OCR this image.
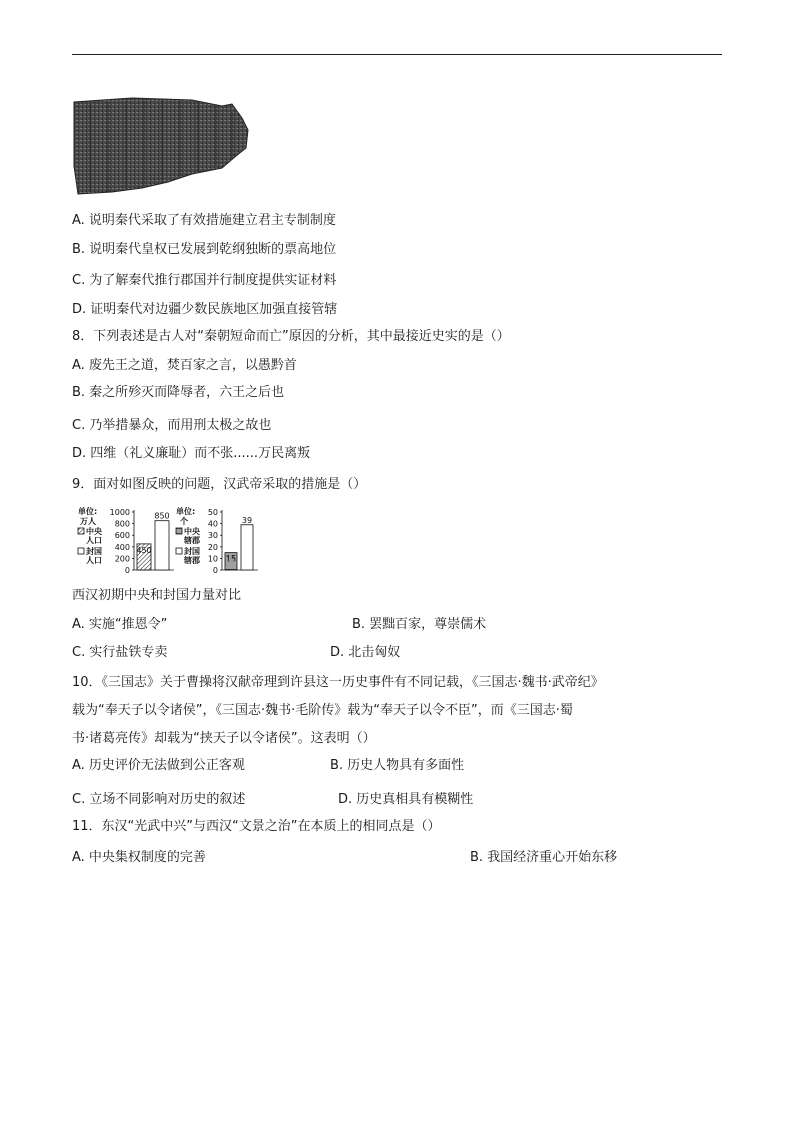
A. 说明秦代采取了有效措施建立君主专制制度
B. 说明秦代皇权已发展到乾纲独断的票高地位
C. 为了解秦代推行郡国并行制度提供实证材料
D. 证明秦代对边疆少数民族地区加强直接管辖
8．下列表述是古人对“秦朝短命而亡”原因的分析，其中最接近史实的是（）
A. 废先王之道，焚百家之言，以愚黔首
B. 秦之所殄灭而降辱者，六王之后也
C. 乃举措暴众，而用刑太极之故也
D. 四维（礼义廉耻）而不张......万民离叛
9．面对如图反映的问题，汉武帝采取的措施是（）
单位:
万人
中央
人口
封国
人口
0
200
400
600
800
1000
450
850
单位:
个
中央
辖郡
封国
辖郡
0
10
20
30
40
50
15
39
西汉初期中央和封国力量对比
A. 实施“推恩令”	B. 罢黜百家，尊崇儒术
C. 实行盐铁专卖	D. 北击匈奴
10．《三国志》关于曹操将汉献帝理到许县这一历史事件有不同记载，《三国志·魏书·武帝纪》
载为“奉天子以令诸侯”，《三国志·魏书·毛阶传》载为“奉天子以令不臣”，而《三国志·蜀
书·诸葛亮传》却载为“挟天子以令诸侯”。这表明（）
A. 历史评价无法做到公正客观	B. 历史人物具有多面性
C. 立场不同影响对历史的叙述	D. 历史真相具有模糊性
11．东汉“光武中兴”与西汉“文景之治”在本质上的相同点是（）
A. 中央集权制度的完善	B. 我国经济重心开始东移
